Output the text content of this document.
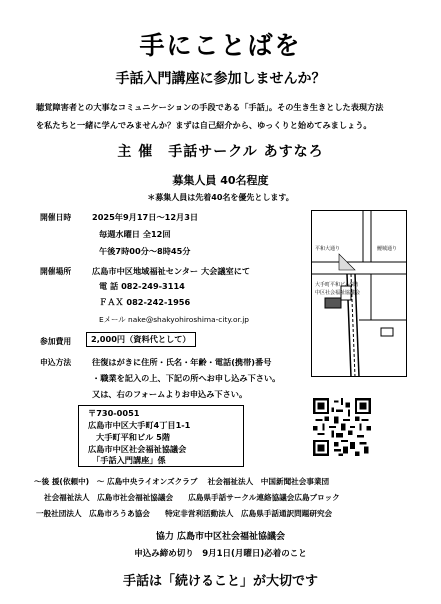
手にことばを
手話入門講座に参加しませんか？
聴覚障害者との大事なコミュニケーションの手段である「手話」。その生き生きとした表現方法
を私たちと一緒に学んでみませんか？まずは自己紹介から、ゆっくりと始めてみましょう。
主 催　手話サークル あすなろ
募集人員 40名程度
＊募集人員は先着40名を優先とします。
開催日時	2025年9月17日～12月3日
毎週水曜日 全12回
午後7時00分～8時45分
開催場所	広島市中区地域福祉センター 大会議室にて
電 話 082-249-3114
ＦＡＸ 082-242-1956
Eメール nake@shakyohiroshima-city.or.jp
参加費用	2,000円（資料代として）
申込方法	往復はがきに住所・氏名・年齢・電話(携帯)番号
・職業を記入の上、下記の所へお申し込み下さい。
又は、右のフォームよりお申込み下さい。
〒730-0051
広島市中区大手町4丁目1-1
大手町平和ビル 5階
広島市中区社会福祉協議会
「手話入門講座」係
平和大通り	鯉城通り
大手町平和ビル5階
中区社会福祉協議会
～後 援(依頼中)　～ 広島中央ライオンズクラブ　 社会福祉法人　中国新聞社会事業団
社会福祉法人　広島市社会福祉協議会　　広島県手話サークル連絡協議会広島ブロック
一般社団法人　広島市ろうあ協会　　特定非営利活動法人　広島県手話通訳問題研究会
協力 広島市中区社会福祉協議会
申込み締め切り　9月1日(月曜日)必着のこと
手話は「続けること」が大切です
